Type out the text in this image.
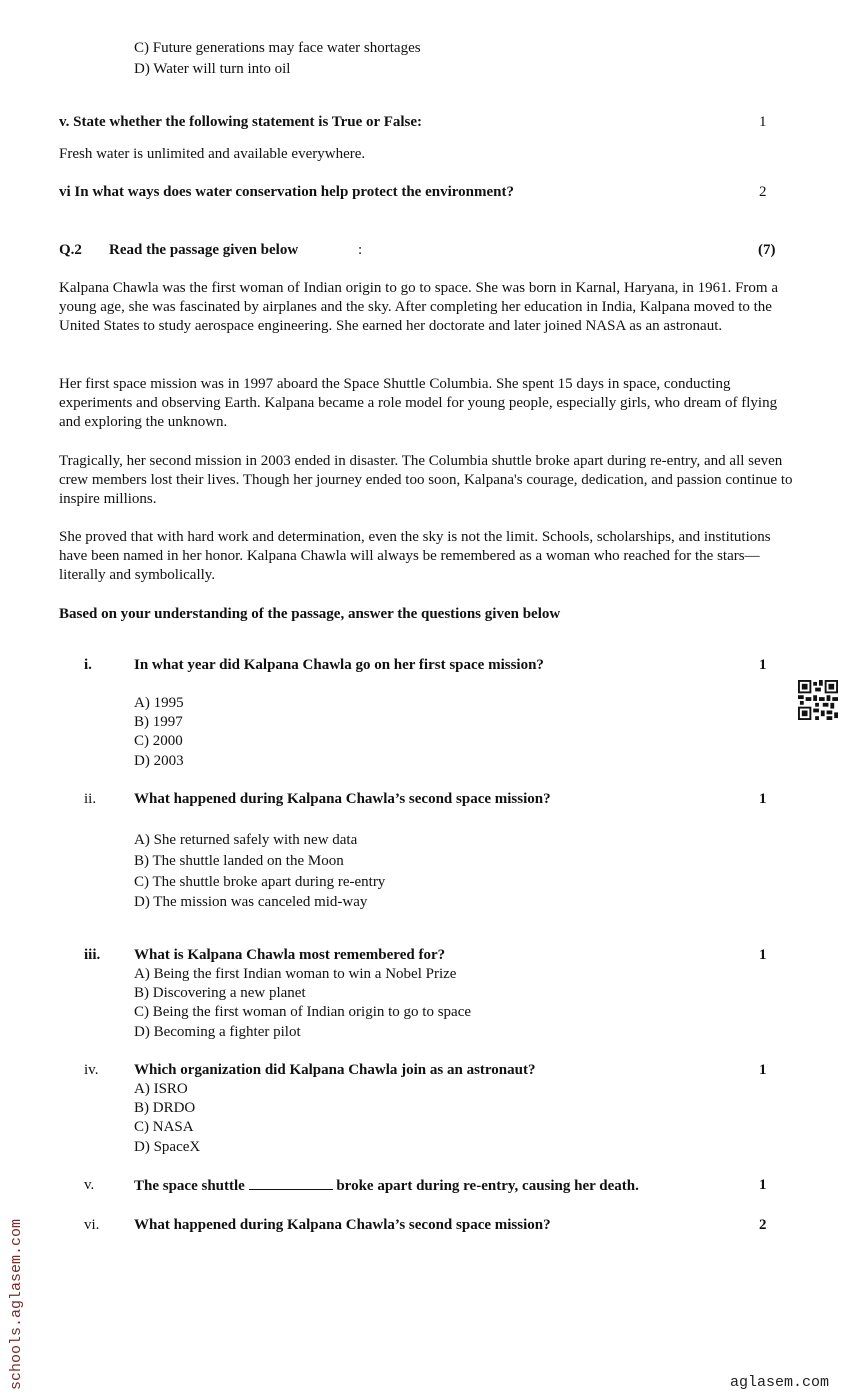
C) Future generations may face water shortages
D) Water will turn into oil
v. State whether the following statement is True or False:	1
Fresh water is unlimited and available everywhere.
vi In what ways does water conservation help protect the environment?	2
Q.2 Read the passage given below	:	(7)
Kalpana Chawla was the first woman of Indian origin to go to space. She was born in Karnal, Haryana, in 1961. From a young age, she was fascinated by airplanes and the sky. After completing her education in India, Kalpana moved to the United States to study aerospace engineering. She earned her doctorate and later joined NASA as an astronaut.
Her first space mission was in 1997 aboard the Space Shuttle Columbia. She spent 15 days in space, conducting experiments and observing Earth. Kalpana became a role model for young people, especially girls, who dream of flying and exploring the unknown.
Tragically, her second mission in 2003 ended in disaster. The Columbia shuttle broke apart during re-entry, and all seven crew members lost their lives. Though her journey ended too soon, Kalpana's courage, dedication, and passion continue to inspire millions.
She proved that with hard work and determination, even the sky is not the limit. Schools, scholarships, and institutions have been named in her honor. Kalpana Chawla will always be remembered as a woman who reached for the stars—literally and symbolically.
Based on your understanding of the passage, answer the questions given below
i.	In what year did Kalpana Chawla go on her first space mission?	1
A) 1995
B) 1997
C) 2000
D) 2003
ii.	What happened during Kalpana Chawla’s second space mission?	1
A) She returned safely with new data
B) The shuttle landed on the Moon
C) The shuttle broke apart during re-entry
D) The mission was canceled mid-way
iii. What is Kalpana Chawla most remembered for?	1
A) Being the first Indian woman to win a Nobel Prize
B) Discovering a new planet
C) Being the first woman of Indian origin to go to space
D) Becoming a fighter pilot
iv. Which organization did Kalpana Chawla join as an astronaut?	1
A) ISRO
B) DRDO
C) NASA
D) SpaceX
v.	The space shuttle	broke apart during re-entry, causing her death.	1
vi. What happened during Kalpana Chawla’s second space mission?	2
schools.aglasem.com	aglasem.com
